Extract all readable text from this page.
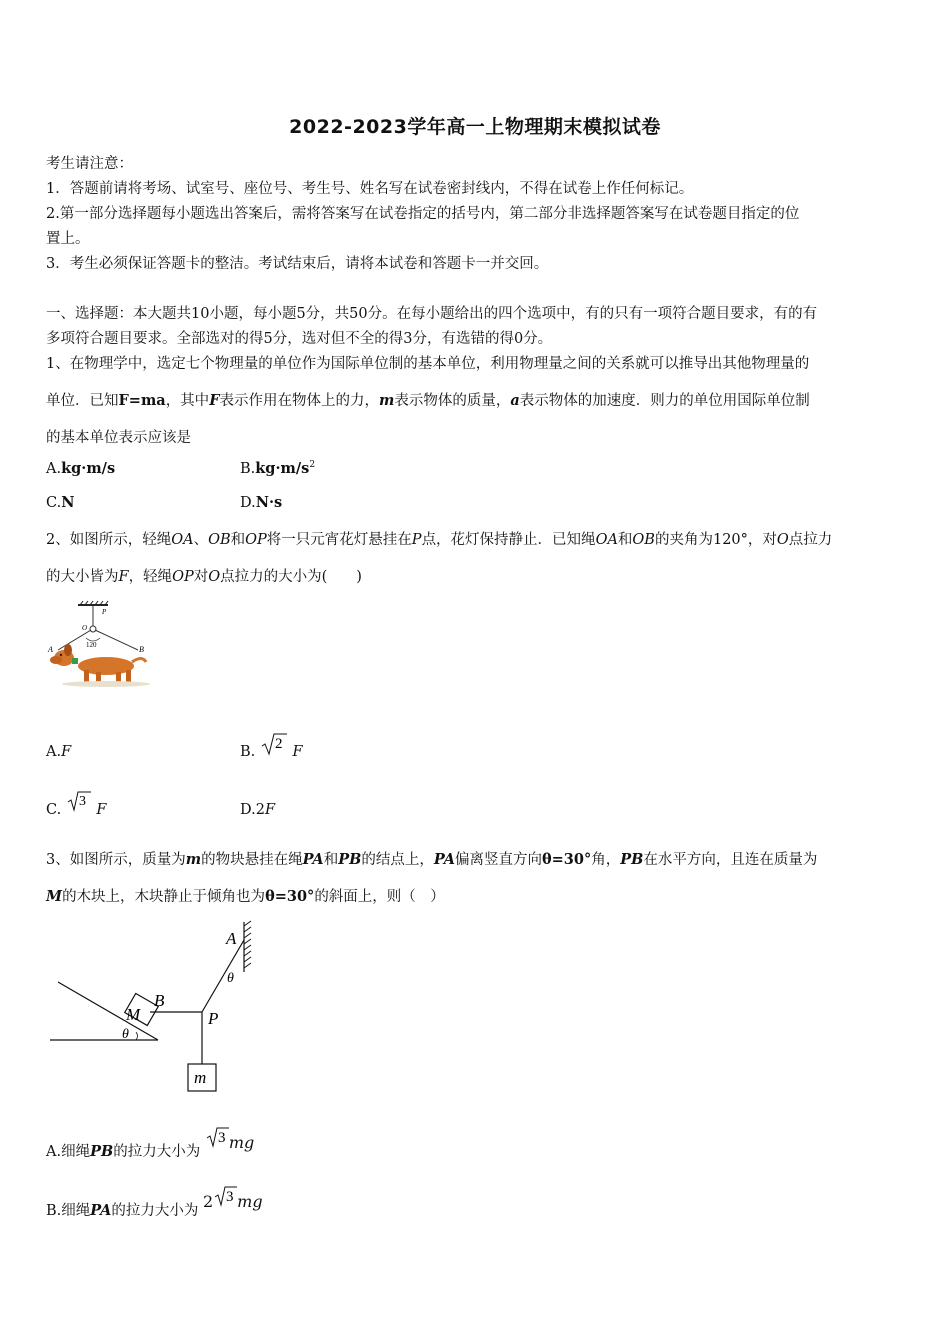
2022-2023学年高一上物理期末模拟试卷
考生请注意：
1．答题前请将考场、试室号、座位号、考生号、姓名写在试卷密封线内，不得在试卷上作任何标记。
2.第一部分选择题每小题选出答案后，需将答案写在试卷指定的括号内，第二部分非选择题答案写在试卷题目指定的位
置上。
3．考生必须保证答题卡的整洁。考试结束后，请将本试卷和答题卡一并交回。
一、选择题：本大题共10小题，每小题5分，共50分。在每小题给出的四个选项中，有的只有一项符合题目要求，有的有
多项符合题目要求。全部选对的得5分，选对但不全的得3分，有选错的得0分。
1、在物理学中，选定七个物理量的单位作为国际单位制的基本单位，利用物理量之间的关系就可以推导出其他物理量的
单位．已知F=ma，其中F表示作用在物体上的力，m表示物体的质量，a表示物体的加速度．则力的单位用国际单位制
的基本单位表示应该是
A.kg·m/s	$B.kg\cdot m/s^2$
C.N	D.N·s
2、如图所示，轻绳OA、OB和OP将一只元宵花灯悬挂在P点，花灯保持静止．已知绳OA和OB的夹角为120°，对O点拉力
的大小皆为F，轻绳OP对O点拉力的大小为(　　)
A	B
O
P
120
A.F	B. 2 F
C.
3
F	D.2F
3、如图所示，质量为m的物块悬挂在绳PA和PB的结点上，PA偏离竖直方向θ=30°角，PB在水平方向，且连在质量为
M的木块上，木块静止于倾角也为θ=30°的斜面上，则（　）
M
θ
B
A
θ
P
m
A.细绳PB的拉力大小为
3 mg
B.细绳PA的拉力大小为 2 3 mg
